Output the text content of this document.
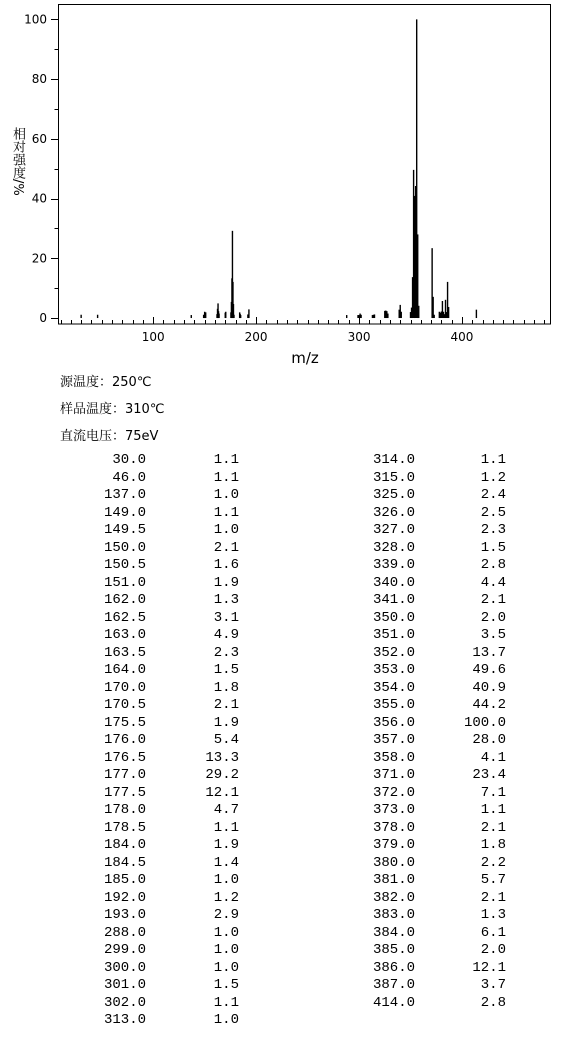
0
20
40
60
80
100
100	200	300	400
m/z
相对强度/%
源温度：250℃
样品温度：310℃
直流电压：75eV
30.0	1.1
46.0	1.1
137.0	1.0
149.0	1.1
149.5	1.0
150.0	2.1
150.5	1.6
151.0	1.9
162.0	1.3
162.5	3.1
163.0	4.9
163.5	2.3
164.0	1.5
170.0	1.8
170.5	2.1
175.5	1.9
176.0	5.4
176.5	13.3
177.0	29.2
177.5	12.1
178.0	4.7
178.5	1.1
184.0	1.9
184.5	1.4
185.0	1.0
192.0	1.2
193.0	2.9
288.0	1.0
299.0	1.0
300.0	1.0
301.0	1.5
302.0	1.1
313.0	1.0
314.0	1.1
315.0	1.2
325.0	2.4
326.0	2.5
327.0	2.3
328.0	1.5
339.0	2.8
340.0	4.4
341.0	2.1
350.0	2.0
351.0	3.5
352.0	13.7
353.0	49.6
354.0	40.9
355.0	44.2
356.0	100.0
357.0	28.0
358.0	4.1
371.0	23.4
372.0	7.1
373.0	1.1
378.0	2.1
379.0	1.8
380.0	2.2
381.0	5.7
382.0	2.1
383.0	1.3
384.0	6.1
385.0	2.0
386.0	12.1
387.0	3.7
414.0	2.8
